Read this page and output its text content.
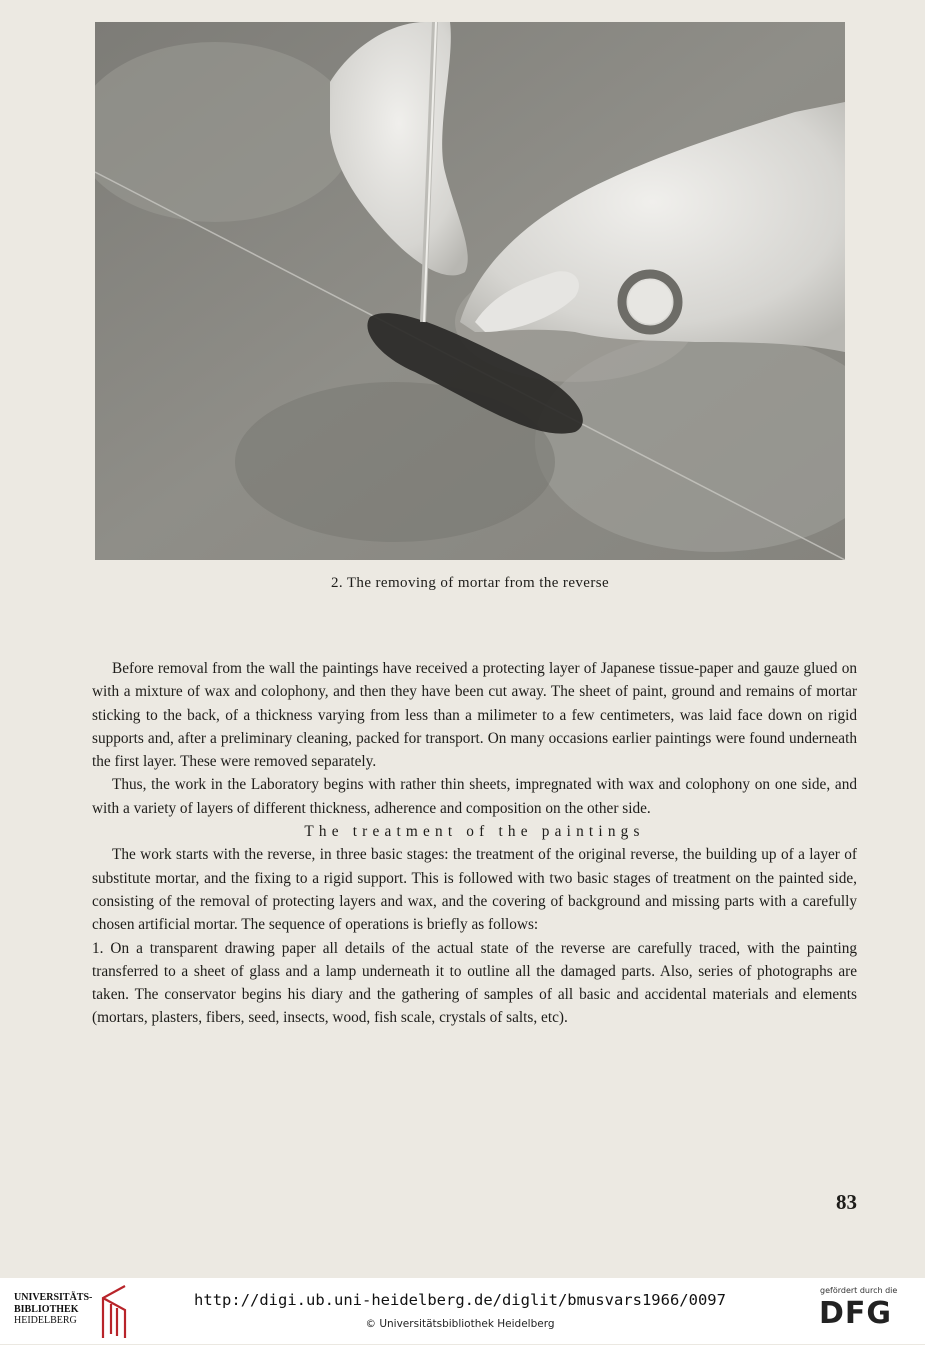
2. The removing of mortar from the reverse

Before removal from the wall the paintings have received a protecting layer of Japanese tissue-paper and gauze glued on with a mixture of wax and colophony, and then they have been cut away. The sheet of paint, ground and remains of mortar sticking to the back, of a thickness varying from less than a milimeter to a few centimeters, was laid face down on rigid supports and, after a preliminary cleaning, packed for transport. On many occasions earlier paintings were found underneath the first layer. These were removed separately.

Thus, the work in the Laboratory begins with rather thin sheets, impregnated with wax and colophony on one side, and with a variety of layers of different thickness, adherence and composition on the other side.

The treatment of the paintings

The work starts with the reverse, in three basic stages: the treatment of the original reverse, the building up of a layer of substitute mortar, and the fixing to a rigid support. This is followed with two basic stages of treatment on the painted side, consisting of the removal of protecting layers and wax, and the covering of background and missing parts with a carefully chosen artificial mortar. The sequence of operations is briefly as follows:

1. On a transparent drawing paper all details of the actual state of the reverse are carefully traced, with the painting transferred to a sheet of glass and a lamp underneath it to outline all the damaged parts. Also, series of photographs are taken. The conservator begins his diary and the gathering of samples of all basic and accidental materials and elements (mortars, plasters, fibers, seed, insects, wood, fish scale, crystals of salts, etc).

83
UNIVERSITÄTS-
BIBLIOTHEK
HEIDELBERG
http://digi.ub.uni-heidelberg.de/diglit/bmusvars1966/0097
© Universitätsbibliothek Heidelberg
gefördert durch die
DFG
